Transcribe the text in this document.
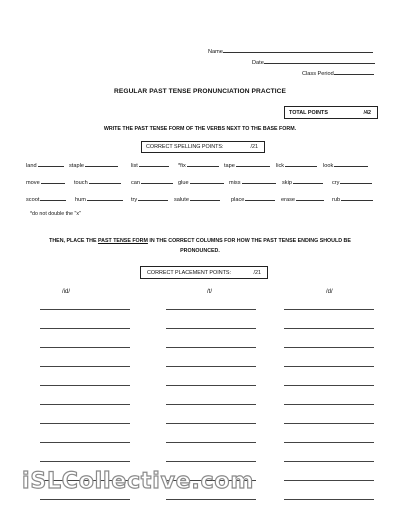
Name
Date
Class Period
REGULAR PAST TENSE PRONUNCIATION PRACTICE
TOTAL POINTS	/42
WRITE THE PAST TENSE FORM OF THE VERBS NEXT TO THE BASE FORM.
CORRECT SPELLING POINTS:	/21
land	staple	list	*fix	tape	lick	look
move	touch	can	glue	miss	skip	cry
scoot	hum	try	salute	place	erase	rub
*do not double the "x"
THEN, PLACE THE PAST TENSE FORM IN THE CORRECT COLUMNS FOR HOW THE PAST TENSE ENDING SHOULD BE
PRONOUNCED.
CORRECT PLACEMENT POINTS:	/21
/id/	/t/	/d/
iSLCollective.com
